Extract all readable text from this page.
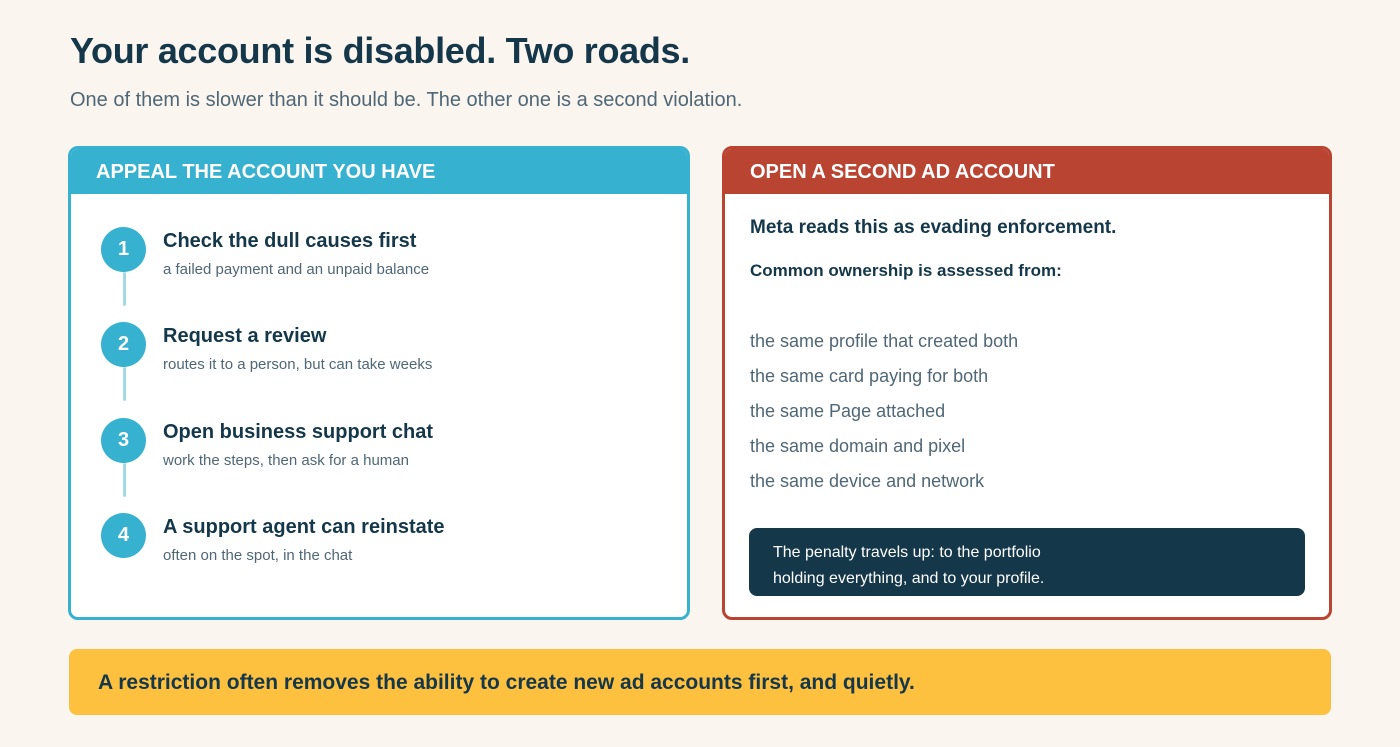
Your account is disabled. Two roads.

One of them is slower than it should be. The other one is a second violation.

APPEAL THE ACCOUNT YOU HAVE
1	Check the dull causes first
a failed payment and an unpaid balance
2	Request a review
routes it to a person, but can take weeks
3	Open business support chat
work the steps, then ask for a human
4	A support agent can reinstate
often on the spot, in the chat
OPEN A SECOND AD ACCOUNT
Meta reads this as evading enforcement.
Common ownership is assessed from:
the same profile that created both
the same card paying for both
the same Page attached
the same domain and pixel
the same device and network
The penalty travels up: to the portfolio
holding everything, and to your profile.
A restriction often removes the ability to create new ad accounts first, and quietly.
